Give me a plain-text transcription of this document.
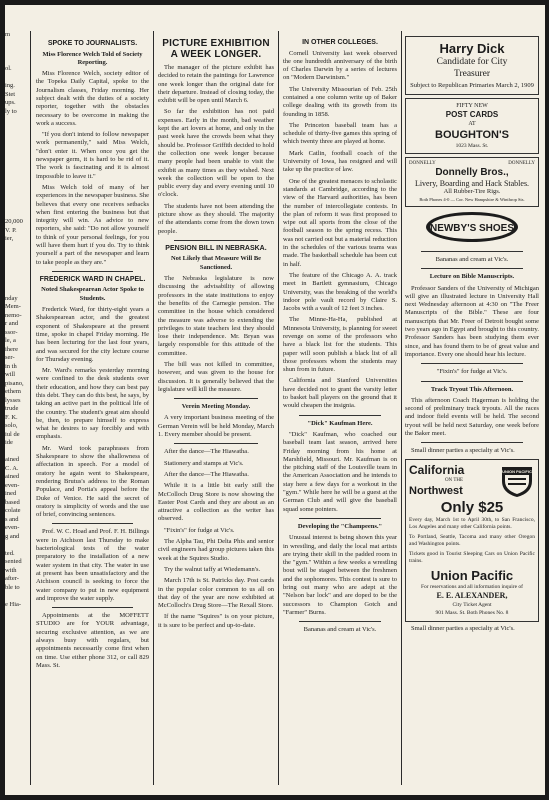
m

ol.

ing.

Stet

ups.

ly to

20,000

V. P.

ier,

nday

Mem-

nemo-

r and

ssor-

le, a

ihere

ser-

in th

will

pisano,

ethem

lysses

trude

F. K.

solo,

iul de

ide

ained

C. A.

ained

even-

ined

based

colate

s and

even-

g and

ted.

sented

with

after-

ble to

e Hia-

SPOKE TO JOURNALISTS.
Miss Florence Welch Told of Society Reporting.

Miss Florence Welch, society editor of the Topeka Daily Capital, spoke to the Journalism classes, Friday morning. Her subject dealt with the duties of a society reporter, together with the obstacles necessary to be overcome in making the work a success.

"If you don't intend to follow newspaper work permanently," said Miss Welch, "don't enter it. When once you get the newspaper germ, it is hard to be rid of it. The work is fascinating and it is almost impossible to leave it."

Miss Welch told of many of her experiences in the newspaper business. She believes that every one receives setbacks when first entering the business but that integrity will win. As advice to new reporters, she said: "Do not allow yourself to think of your personal feelings, for you will have them hurt if you do. Try to think yourself a part of the newspaper and learn to take people as they are."

FREDERICK WARD IN CHAPEL.
Noted Shakespearean Actor Spoke to Students.

Frederick Ward, for thirty-eight years a Shakespearean actor, and the greatest exponent of Shakespeare at the present time, spoke in chapel Friday morning. He has been lecturing for the last four years, and was secured for the city lecture course for Thursday evening.

Mr. Ward's remarks yesterday morning were confined to the desk students over their education, and how they can best pay this debt. They can do this best, he says, by taking an active part in the political life of the country. The student's great aim should be, then, to prepare himself to express what he desires to say forcibly and with emphasis.

Mr. Ward took paraphrases from Shakespeare to show the shallowness of affectation in speech. For a model of oratory he again went to Shakespeare, rendering Brutus's address to the Roman Populace, and Portia's appeal before the Duke of Venice. He said the secret of oratory is simplicity of words and the use of brief, convincing sentences.

Prof. W. C. Hoad and Prof. F. H. Billings were in Atchison last Thursday to make bacteriological tests of the water preparatory to the installation of a new water system in that city. The water in use at present has been unsatisfactory and the Atchison council is seeking to force the water company to put in new equipment and improve the water supply.

Appointments at the MOFFETT STUDIO are for YOUR advantage, securing exclusive attention, as we are always busy with regulars, but appointments necessarily come first when on time. Use either phone 312, or call 829 Mass. St.

PICTURE EXHIBITION A WEEK LONGER.

The manager of the picture exhibit has decided to retain the paintings for Lawrence one week longer than the original date for their departure. Instead of closing today, the exhibit will be open until March 6.

So far the exhibition has not paid expenses. Early in the month, bad weather kept the art lovers at home, and only in the past week have the crowds been what they should be. Professor Griffith decided to hold the collection one week longer because many people had been unable to visit the exhibit as many times as they wished. Next week the collection will be open to the public every day and every evening until 10 o'clock.

The students have not been attending the picture show as they should. The majority of the attendants come from the down town people.

PENSION BILL IN NEBRASKA.
Not Likely that Measure Will Be Sanctioned.

The Nebraska legislature is now discussing the advisability of allowing professors in the state institutions to enjoy the benefits of the Carnegie pension. The committee in the house which considered the measure was adverse to extending the privileges to state teachers lest they should lose their independence. Mr. Bryan was largely responsible for this attitude of the committee.

The bill was not killed in committee, however, and was given to the house for discussion. It is generally believed that the legislature will kill the measure.

Verein Meeting Monday.

A very important business meeting of the German Verein will be held Monday, March 1. Every member should be present.

After the dance—The Hiawatha.

Stationery and stamps at Vic's.

After the dance—The Hiawatha.

While it is a little bit early still the McColloch Drug Store is now showing the Easter Post Cards and they are about as an attractive a collection as the writer has observed.

"Fixin's" for fudge at Vic's.

The Alpha Tau, Phi Delta Phis and senior civil engineers had group pictures taken this week at the Squires Studio.

Try the walnut taffy at Wiedemann's.

March 17th is St. Patricks day. Post cards in the popular color common to us all on that day of the year are now exhibited at McColloch's Drug Store—The Rexall Store.

If the name "Squires" is on your picture, it is sure to be perfect and up-to-date.

IN OTHER COLLEGES.

Cornell University last week observed the one hundredth anniversary of the birth of Charles Darwin by a series of lectures on "Modern Darwinism."

The University Missourian of Feb. 25th contained a one column write up of Baker college dealing with its growth from its founding in 1858.

The Princeton baseball team has a schedule of thirty-five games this spring of which twenty three are played at home.

Mark Catlin, football coach of the University of Iowa, has resigned and will take up the practice of law.

One of the greatest menaces to scholastic standards at Cambridge, according to the view of the Harvard authorities, has been the number of intercollegiate contests. In the plan of reform it was first proposed to wipe out all sports from the close of the football season to the spring recess. This was not carried out but a material reduction in the schedules of the various teams was made. The basketball schedule has been cut in half.

The feature of the Chicago A. A. track meet in Bartlett gymnasium, Chicago University, was the breaking of the world's indoor pole vault record by Claire S. Jacobs with a vault of 12 feet 3 inches.

The Minne-Ha-Ha, published at Minnesota University, is planning for sweet revenge on some of the professors who have a black list for the students. This paper will soon publish a black list of all those professors whom the students may shun from in future.

California and Stanford Universities have decided not to grant the varsity letter to basket ball players on the ground that it would cheapen the insignia.

"Dick" Kaufman Here.

"Dick" Kaufman, who coached our baseball team last season, arrived here Friday morning from his home at Marshfield, Missouri. Mr. Kaufman is on the pitching staff of the Louisville team in the American Association and he intends to stay here a few days for a workout in the "gym." While here he will be a guest at the German Club and will give the baseball squad some pointers.

Developing the "Champeens."

Unusual interest is being shown this year in wrestling, and daily the local mat artists are trying their skill in the padded room in the "gym." Within a few weeks a wrestling bout will be staged between the freshmen and the sophomores. This contest is sure to bring out many who are adept at the "Nelson bar lock" and are doped to be the successors to Champion Gotch and "Farmer" Burns.

Bananas and cream at Vic's.

Harry Dick
Candidate for City
Treasurer
Subject to Republican Primaries March 2, 1909
FIFTY NEW
POST CARDS
AT
BOUGHTON'S
1023 Mass. St.
DONNELLY	DONNELLY
Donnelly Bros.,
Livery, Boarding and Hack Stables.
All Rubber-Tire Rigs.
Both Phones 4-0 — Cor. New Hampshire & Winthrop Sts.
NEWBY'S SHOES

Bananas and cream at Vic's.

Lecture on Bible Manuscripts.

Professor Sanders of the University of Michigan will give an illustrated lecture in University Hall next Wednesday afternoon at 4:30 on "The Freer Manuscripts of the Bible." These are four manuscripts that Mr. Freer of Detroit bought some two years ago in Egypt and brought to this country. Professor Sanders has been studying them ever since, and has found them to be of great value and importance. Every one should hear his lecture.

"Fixin's" for fudge at Vic's.

Track Tryout This Afternoon.

This afternoon Coach Hagerman is holding the second of preliminary track tryouts. All the races and indoor field events will be held. The second tryout will be held next Saturday, one week before the Baker meet.

Small dinner parties a specialty at Vic's.

California
ON THE
Northwest
UNION PACIFIC
Only $25

Every day, March 1st to April 30th, to San Francisco, Los Angeles and many other California points.

To Portland, Seattle, Tacoma and many other Oregon and Washington points.

Tickets good in Tourist Sleeping Cars on Union Pacific trains.

Union Pacific
For reservations and all information inquire of
E. E. ALEXANDER,
City Ticket Agent
901 Mass. St. Both Phones No. 8

Small dinner parties a specialty at Vic's.
